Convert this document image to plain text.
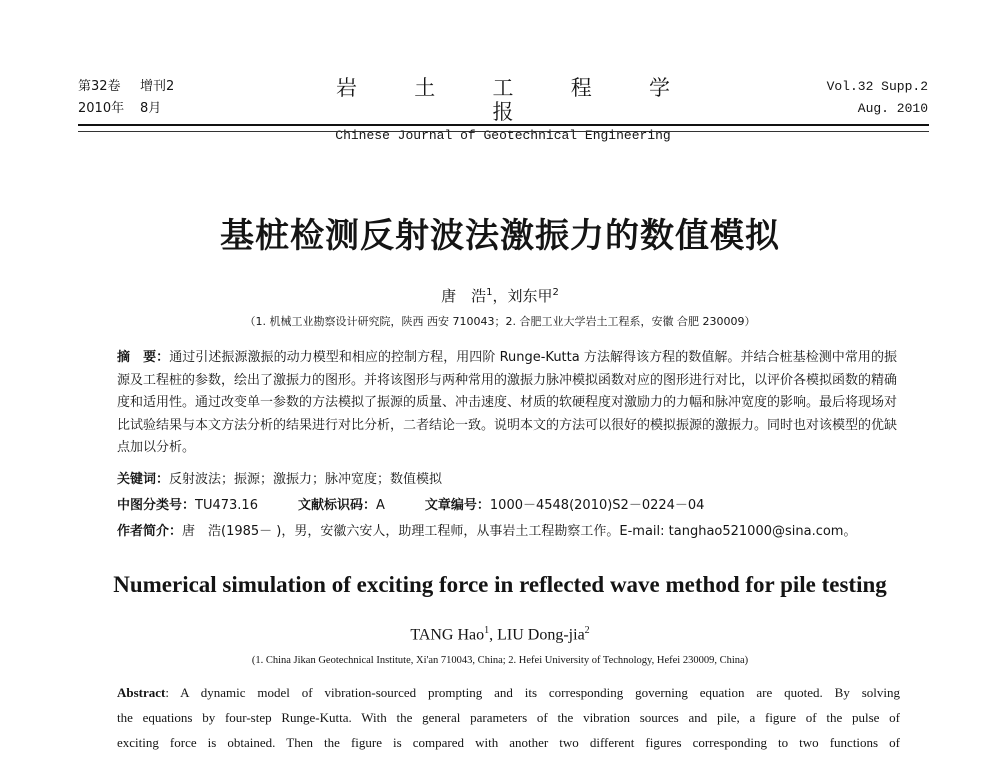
第32卷 增刊2
2010年 8月
岩 土 工 程 学 报
Chinese Journal of Geotechnical Engineering
Vol.32 Supp.2
Aug. 2010
基桩检测反射波法激振力的数值模拟
唐　浩$^1$，刘东甲$^2$
（1. 机械工业勘察设计研究院，陕西 西安 710043；2. 合肥工业大学岩土工程系，安徽 合肥 230009）
摘　要：通过引述振源激振的动力模型和相应的控制方程，用四阶 Runge-Kutta 方法解得该方程的数值解。并结合桩基检测中常用的振源及工程桩的参数，绘出了激振力的图形。并将该图形与两种常用的激振力脉冲模拟函数对应的图形进行对比，以评价各模拟函数的精确度和适用性。通过改变单一参数的方法模拟了振源的质量、冲击速度、材质的软硬程度对激励力的力幅和脉冲宽度的影响。最后将现场对比试验结果与本文方法分析的结果进行对比分析，二者结论一致。说明本文的方法可以很好的模拟振源的激振力。同时也对该模型的优缺点加以分析。
关键词：反射波法；振源；激振力；脉冲宽度；数值模拟
中图分类号：TU473.16	文献标识码：A	文章编号：1000－4548(2010)S2－0224－04
作者简介：唐　浩(1985－ )，男，安徽六安人，助理工程师，从事岩土工程勘察工作。E-mail: tanghao521000@sina.com。
Numerical simulation of exciting force in reflected wave method for pile testing
TANG Hao$^1$, LIU Dong-jia$^2$
(1. China Jikan Geotechnical Institute, Xi'an 710043, China; 2. Hefei University of Technology, Hefei 230009, China)
Abstract: A dynamic model of vibration-sourced prompting and its corresponding governing equation are quoted. By solving
the equations by four-step Runge-Kutta. With the general parameters of the vibration sources and pile, a figure of the pulse of
exciting force is obtained. Then the figure is compared with another two different figures corresponding to two functions of
